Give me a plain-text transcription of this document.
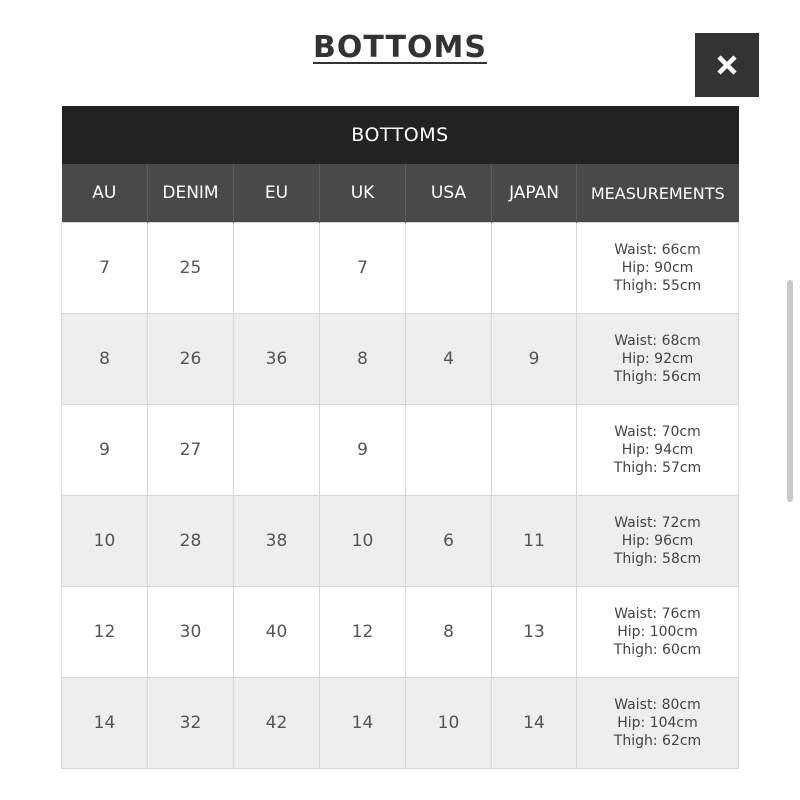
BOTTOMS
BOTTOMS						
AU	DENIM	EU	UK	USA	JAPAN	MEASUREMENTS
7	25		7			Waist: 66cm
Hip: 90cm
Thigh: 55cm

8	26	36	8	4	9	Waist: 68cm
Hip: 92cm
Thigh: 56cm

9	27		9			Waist: 70cm
Hip: 94cm
Thigh: 57cm

10	28	38	10	6	11	Waist: 72cm
Hip: 96cm
Thigh: 58cm

12	30	40	12	8	13	Waist: 76cm
Hip: 100cm
Thigh: 60cm

14	32	42	14	10	14	Waist: 80cm
Hip: 104cm
Thigh: 62cm
